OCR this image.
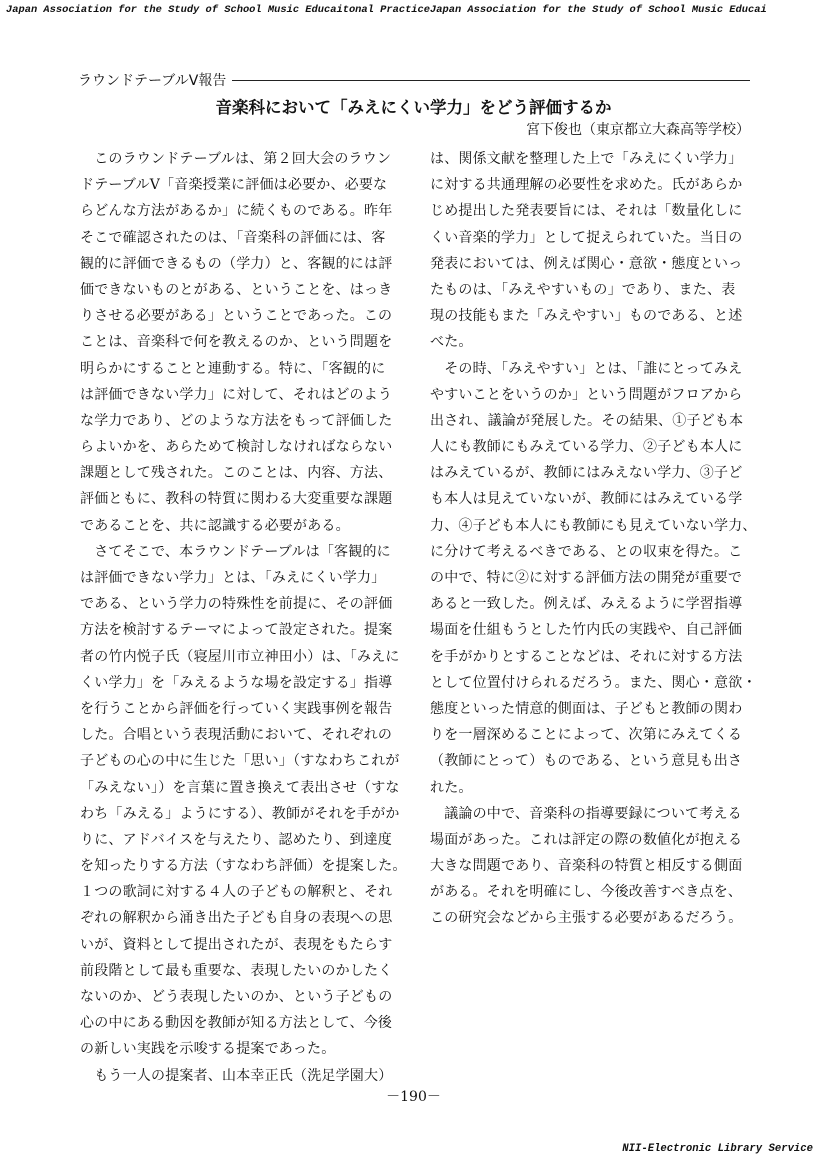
Japan Association for the Study of School Music Educaitonal PracticeJapan Association for the Study of School Music Educai
ラウンドテーブルⅤ報告
音楽科において「みえにくい学力」をどう評価するか
宮下俊也（東京都立大森高等学校）
　このラウンドテーブルは、第２回大会のラウン
ドテーブルⅤ「音楽授業に評価は必要か、必要な
らどんな方法があるか」に続くものである。昨年
そこで確認されたのは、「音楽科の評価には、客
観的に評価できるもの（学力）と、客観的には評
価できないものとがある、ということを、はっき
りさせる必要がある」ということであった。この
ことは、音楽科で何を教えるのか、という問題を
明らかにすることと連動する。特に、「客観的に
は評価できない学力」に対して、それはどのよう
な学力であり、どのような方法をもって評価した
らよいかを、あらためて検討しなければならない
課題として残された。このことは、内容、方法、
評価ともに、教科の特質に関わる大変重要な課題
であることを、共に認識する必要がある。
　さてそこで、本ラウンドテーブルは「客観的に
は評価できない学力」とは、「みえにくい学力」
である、という学力の特殊性を前提に、その評価
方法を検討するテーマによって設定された。提案
者の竹内悦子氏（寝屋川市立神田小）は、「みえに
くい学力」を「みえるような場を設定する」指導
を行うことから評価を行っていく実践事例を報告
した。合唱という表現活動において、それぞれの
子どもの心の中に生じた「思い」（すなわちこれが
「みえない」）を言葉に置き換えて表出させ（すな
わち「みえる」ようにする）、教師がそれを手がか
りに、アドバイスを与えたり、認めたり、到達度
を知ったりする方法（すなわち評価）を提案した。
１つの歌詞に対する４人の子どもの解釈と、それ
ぞれの解釈から涌き出た子ども自身の表現への思
いが、資料として提出されたが、表現をもたらす
前段階として最も重要な、表現したいのかしたく
ないのか、どう表現したいのか、という子どもの
心の中にある動因を教師が知る方法として、今後
の新しい実践を示唆する提案であった。
　もう一人の提案者、山本幸正氏（洗足学園大）
は、関係文献を整理した上で「みえにくい学力」
に対する共通理解の必要性を求めた。氏があらか
じめ提出した発表要旨には、それは「数量化しに
くい音楽的学力」として捉えられていた。当日の
発表においては、例えば関心・意欲・態度といっ
たものは、「みえやすいもの」であり、また、表
現の技能もまた「みえやすい」ものである、と述
べた。
　その時、「みえやすい」とは、「誰にとってみえ
やすいことをいうのか」という問題がフロアから
出され、議論が発展した。その結果、①子ども本
人にも教師にもみえている学力、②子ども本人に
はみえているが、教師にはみえない学力、③子ど
も本人は見えていないが、教師にはみえている学
力、④子ども本人にも教師にも見えていない学力、
に分けて考えるべきである、との収束を得た。こ
の中で、特に②に対する評価方法の開発が重要で
あると一致した。例えば、みえるように学習指導
場面を仕組もうとした竹内氏の実践や、自己評価
を手がかりとすることなどは、それに対する方法
として位置付けられるだろう。また、関心・意欲・
態度といった情意的側面は、子どもと教師の関わ
りを一層深めることによって、次第にみえてくる
（教師にとって）ものである、という意見も出さ
れた。
　議論の中で、音楽科の指導要録について考える
場面があった。これは評定の際の数値化が抱える
大きな問題であり、音楽科の特質と相反する側面
がある。それを明確にし、今後改善すべき点を、
この研究会などから主張する必要があるだろう。
－190－
NII-Electronic Library Service
